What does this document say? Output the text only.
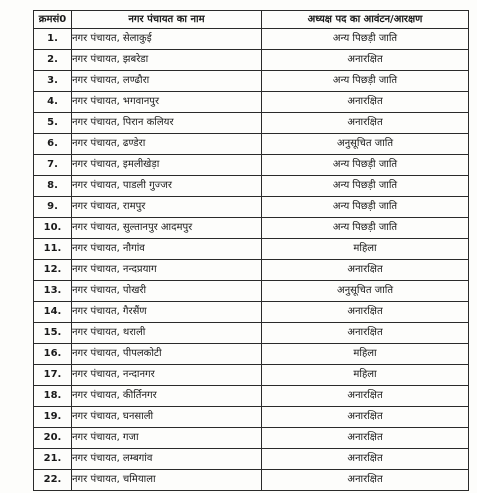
क्रमसं0	नगर पंचायत का नाम	अध्यक्ष पद का आवंटन/आरक्षण
1.	नगर पंचायत, सेलाकुई	अन्य पिछड़ी जाति
2.	नगर पंचायत, झबरेडा	अनारक्षित
3.	नगर पंचायत, लण्ढौरा	अन्य पिछड़ी जाति
4.	नगर पंचायत, भगवानपुर	अनारक्षित
5.	नगर पंचायत, पिरान कलियर	अनारक्षित
6.	नगर पंचायत, ढण्डेरा	अनुसूचित जाति
7.	नगर पंचायत, इमलीखेड़ा	अन्य पिछड़ी जाति
8.	नगर पंचायत, पाडली गुज्जर	अन्य पिछड़ी जाति
9.	नगर पंचायत, रामपुर	अन्य पिछड़ी जाति
10.	नगर पंचायत, सुल्तानपुर आदमपुर	अन्य पिछड़ी जाति
11.	नगर पंचायत, नौगांव	महिला
12.	नगर पंचायत, नन्दप्रयाग	अनारक्षित
13.	नगर पंचायत, पोखरी	अनुसूचित जाति
14.	नगर पंचायत, गैरसैंण	अनारक्षित
15.	नगर पंचायत, थराली	अनारक्षित
16.	नगर पंचायत, पीपलकोटी	महिला
17.	नगर पंचायत, नन्दानगर	महिला
18.	नगर पंचायत, कीर्तिनगर	अनारक्षित
19.	नगर पंचायत, घनसाली	अनारक्षित
20.	नगर पंचायत, गजा	अनारक्षित
21.	नगर पंचायत, लम्बगांव	अनारक्षित
22.	नगर पंचायत, चमियाला	अनारक्षित
